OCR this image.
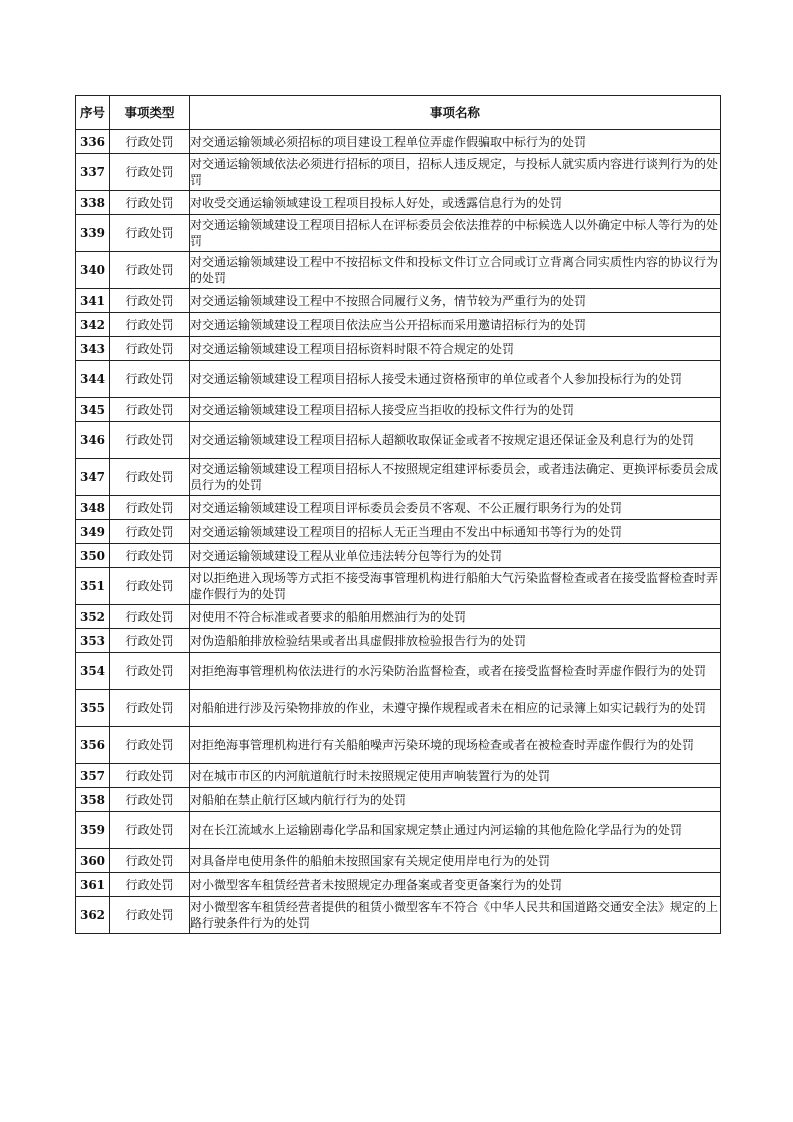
序号	事项类型	事项名称
336	行政处罚	对交通运输领域必须招标的项目建设工程单位弄虚作假骗取中标行为的处罚
337	行政处罚	对交通运输领域依法必须进行招标的项目，招标人违反规定，与投标人就实质内容进行谈判行为的处罚
338	行政处罚	对收受交通运输领域建设工程项目投标人好处，或透露信息行为的处罚
339	行政处罚	对交通运输领域建设工程项目招标人在评标委员会依法推荐的中标候选人以外确定中标人等行为的处罚
340	行政处罚	对交通运输领域建设工程中不按招标文件和投标文件订立合同或订立背离合同实质性内容的协议行为的处罚
341	行政处罚	对交通运输领域建设工程中不按照合同履行义务，情节较为严重行为的处罚
342	行政处罚	对交通运输领域建设工程项目依法应当公开招标而采用邀请招标行为的处罚
343	行政处罚	对交通运输领域建设工程项目招标资料时限不符合规定的处罚
344	行政处罚	对交通运输领域建设工程项目招标人接受未通过资格预审的单位或者个人参加投标行为的处罚
345	行政处罚	对交通运输领域建设工程项目招标人接受应当拒收的投标文件行为的处罚
346	行政处罚	对交通运输领域建设工程项目招标人超额收取保证金或者不按规定退还保证金及利息行为的处罚
347	行政处罚	对交通运输领域建设工程项目招标人不按照规定组建评标委员会，或者违法确定、更换评标委员会成员行为的处罚
348	行政处罚	对交通运输领域建设工程项目评标委员会委员不客观、不公正履行职务行为的处罚
349	行政处罚	对交通运输领域建设工程项目的招标人无正当理由不发出中标通知书等行为的处罚
350	行政处罚	对交通运输领域建设工程从业单位违法转分包等行为的处罚
351	行政处罚	对以拒绝进入现场等方式拒不接受海事管理机构进行船舶大气污染监督检查或者在接受监督检查时弄虚作假行为的处罚
352	行政处罚	对使用不符合标准或者要求的船舶用燃油行为的处罚
353	行政处罚	对伪造船舶排放检验结果或者出具虚假排放检验报告行为的处罚
354	行政处罚	对拒绝海事管理机构依法进行的水污染防治监督检查，或者在接受监督检查时弄虚作假行为的处罚
355	行政处罚	对船舶进行涉及污染物排放的作业，未遵守操作规程或者未在相应的记录簿上如实记载行为的处罚
356	行政处罚	对拒绝海事管理机构进行有关船舶噪声污染环境的现场检查或者在被检查时弄虚作假行为的处罚
357	行政处罚	对在城市市区的内河航道航行时未按照规定使用声响装置行为的处罚
358	行政处罚	对船舶在禁止航行区域内航行行为的处罚
359	行政处罚	对在长江流域水上运输剧毒化学品和国家规定禁止通过内河运输的其他危险化学品行为的处罚
360	行政处罚	对具备岸电使用条件的船舶未按照国家有关规定使用岸电行为的处罚
361	行政处罚	对小微型客车租赁经营者未按照规定办理备案或者变更备案行为的处罚
362	行政处罚	对小微型客车租赁经营者提供的租赁小微型客车不符合《中华人民共和国道路交通安全法》规定的上路行驶条件行为的处罚
